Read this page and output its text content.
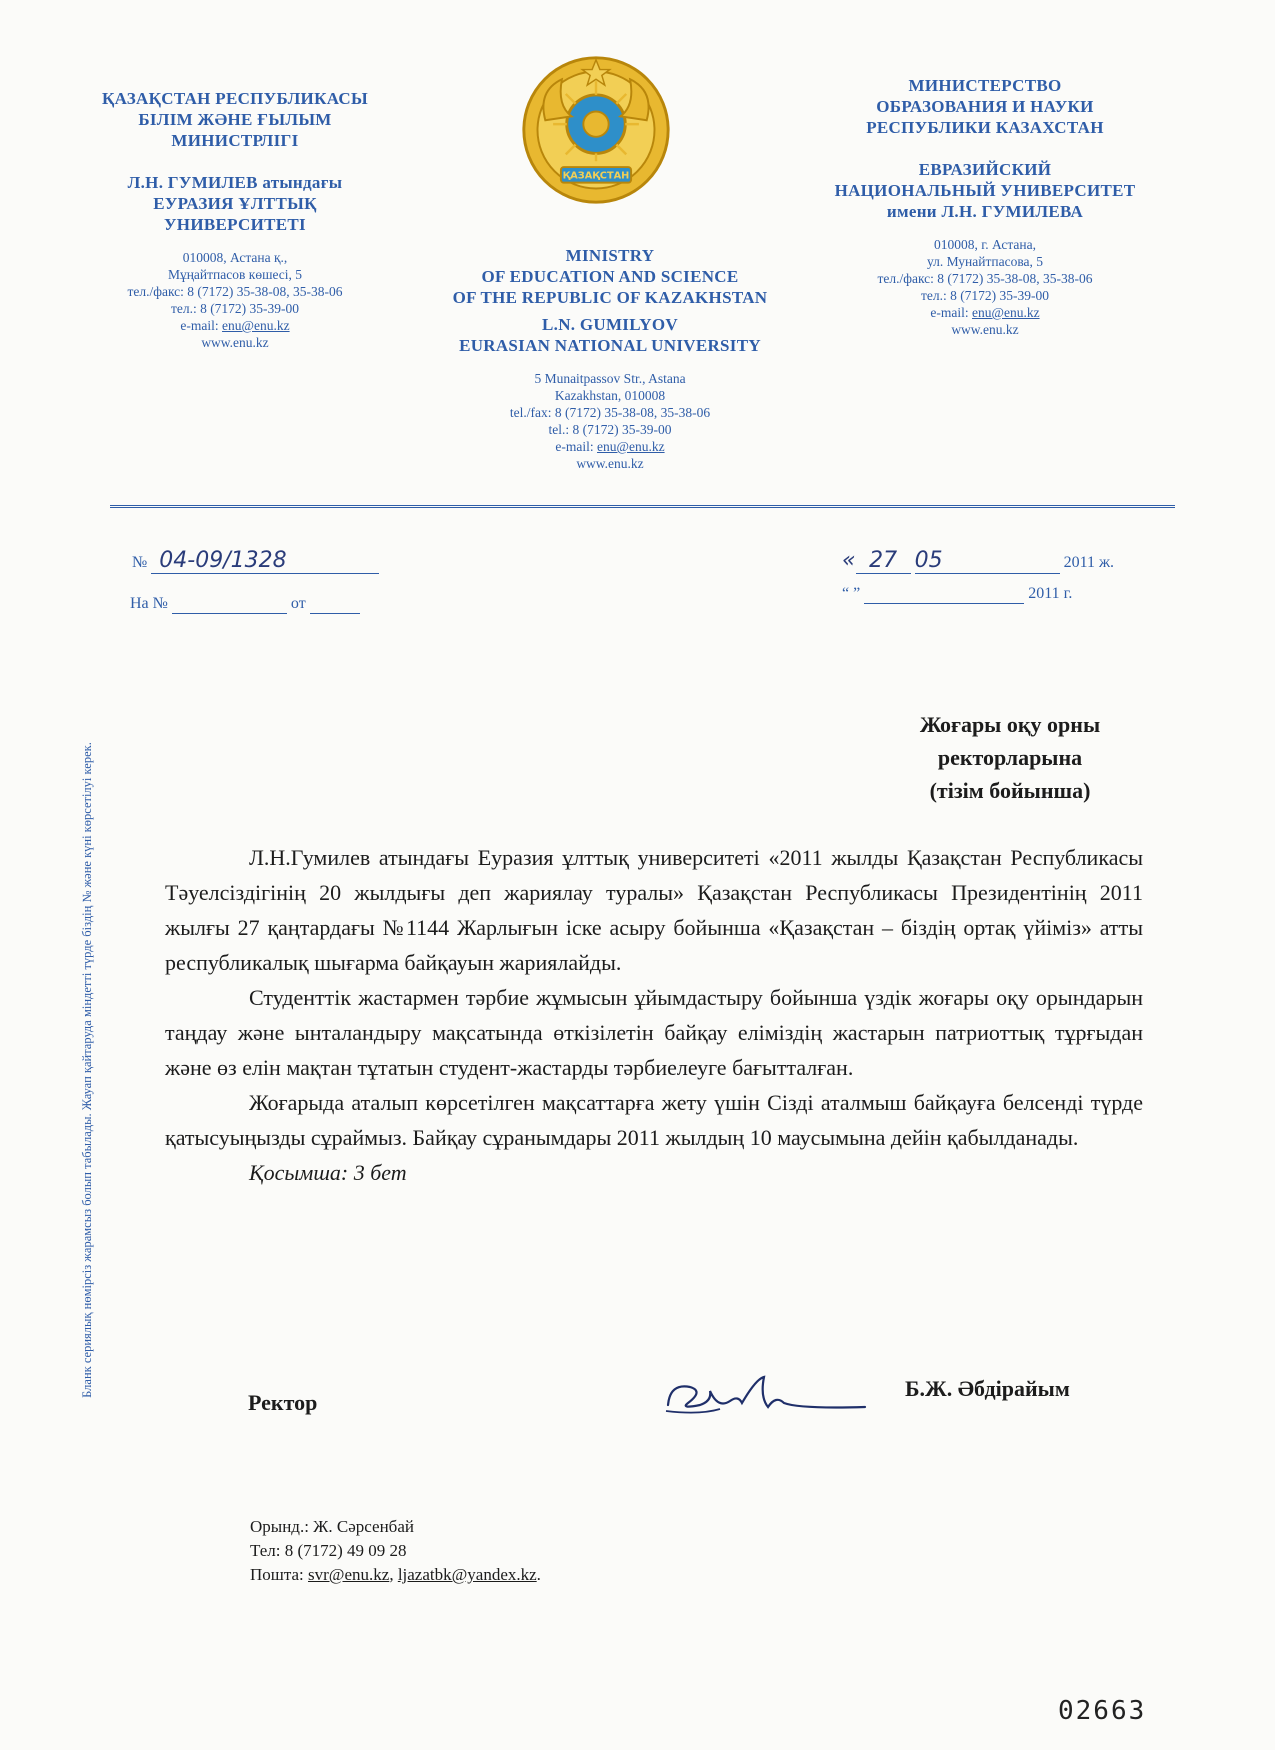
ҚАЗАҚСТАН РЕСПУБЛИКАСЫ
БІЛІМ ЖӘНЕ ҒЫЛЫМ
МИНИСТРЛІГІ
Л.Н. ГУМИЛЕВ атындағы
ЕУРАЗИЯ ҰЛТТЫҚ
УНИВЕРСИТЕТІ
010008, Астана қ.,
Мұңайтпасов көшесі, 5
тел./факс: 8 (7172) 35-38-08, 35-38-06
тел.: 8 (7172) 35-39-00
e-mail: enu@enu.kz
www.enu.kz
ҚАЗАҚСТАН
MINISTRY
OF EDUCATION AND SCIENCE
OF THE REPUBLIC OF KAZAKHSTAN
L.N. GUMILYOV
EURASIAN NATIONAL UNIVERSITY
5 Munaitpassov Str., Astana
Kazakhstan, 010008
tel./fax: 8 (7172) 35-38-08, 35-38-06
tel.: 8 (7172) 35-39-00
e-mail: enu@enu.kz
www.enu.kz
МИНИСТЕРСТВО
ОБРАЗОВАНИЯ И НАУКИ
РЕСПУБЛИКИ КАЗАХСТАН
ЕВРАЗИЙСКИЙ
НАЦИОНАЛЬНЫЙ УНИВЕРСИТЕТ
имени Л.Н. ГУМИЛЕВА
010008, г. Астана,
ул. Мунайтпасова, 5
тел./факс: 8 (7172) 35-38-08, 35-38-06
тел.: 8 (7172) 35-39-00
e-mail: enu@enu.kz
www.enu.kz
№ 04-09/1328
На №	от
« 27 05	2011 ж.
“ ”	2011 г.
Жоғары оқу орны
ректорларына
(тізім бойынша)

Л.Н.Гумилев атындағы Еуразия ұлттық университеті «2011 жылды Қазақстан Республикасы Тәуелсіздігінің 20 жылдығы деп жариялау туралы» Қазақстан Республикасы Президентінің 2011 жылғы 27 қаңтардағы №1144 Жарлығын іске асыру бойынша «Қазақстан – біздің ортақ үйіміз» атты республикалық шығарма байқауын жариялайды.

Студенттік жастармен тәрбие жұмысын ұйымдастыру бойынша үздік жоғары оқу орындарын таңдау және ынталандыру мақсатында өткізілетін байқау еліміздің жастарын патриоттық тұрғыдан және өз елін мақтан тұтатын студент-жастарды тәрбиелеуге бағытталған.

Жоғарыда аталып көрсетілген мақсаттарға жету үшін Сізді аталмыш байқауға белсенді түрде қатысуыңызды сұраймыз. Байқау сұранымдары 2011 жылдың 10 маусымына дейін қабылданады.

Қосымша: 3 бет

Ректор
Б.Ж. Әбдірайым
Орынд.: Ж. Сәрсенбай
Тел: 8 (7172) 49 09 28
Пошта: svr@enu.kz, ljazatbk@yandex.kz.
Бланк сериялық нөмірсіз жарамсыз болып табылады. Жауап қайтаруда міндетті түрде біздің № және күні көрсетілуі керек.
02663
